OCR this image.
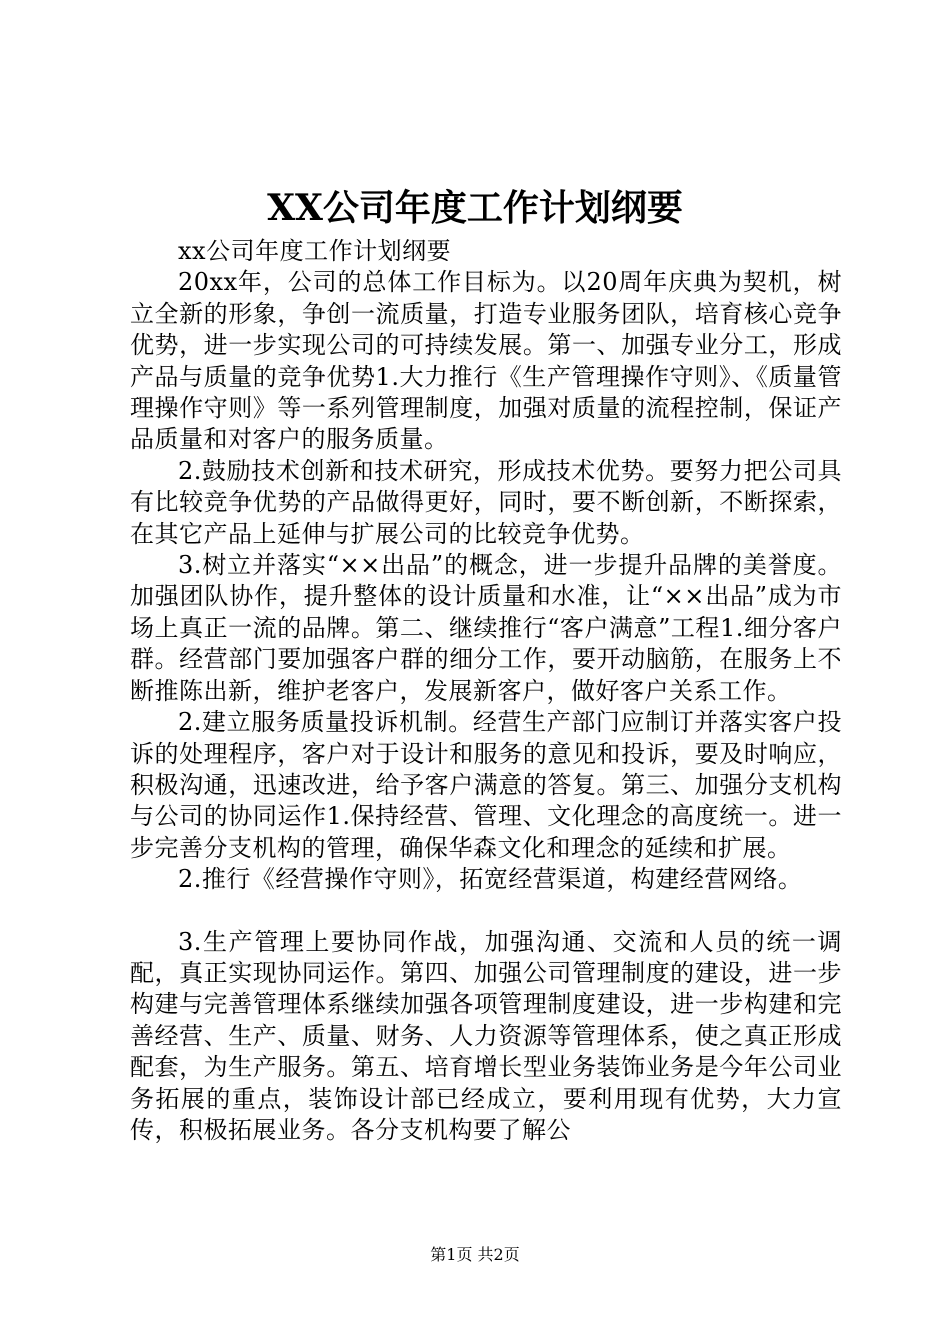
XX公司年度工作计划纲要

xx公司年度工作计划纲要

20xx年，公司的总体工作目标为。以20周年庆典为契机，树立全新的形象，争创一流质量，打造专业服务团队，培育核心竞争优势，进一步实现公司的可持续发展。第一、加强专业分工，形成产品与质量的竞争优势1.大力推行《生产管理操作守则》、《质量管理操作守则》等一系列管理制度，加强对质量的流程控制，保证产品质量和对客户的服务质量。

2.鼓励技术创新和技术研究，形成技术优势。要努力把公司具有比较竞争优势的产品做得更好，同时，要不断创新，不断探索，在其它产品上延伸与扩展公司的比较竞争优势。

3.树立并落实“××出品”的概念，进一步提升品牌的美誉度。加强团队协作，提升整体的设计质量和水准，让“××出品”成为市场上真正一流的品牌。第二、继续推行“客户满意”工程1.细分客户群。经营部门要加强客户群的细分工作，要开动脑筋，在服务上不断推陈出新，维护老客户，发展新客户，做好客户关系工作。

2.建立服务质量投诉机制。经营生产部门应制订并落实客户投诉的处理程序，客户对于设计和服务的意见和投诉，要及时响应，积极沟通，迅速改进，给予客户满意的答复。第三、加强分支机构与公司的协同运作1.保持经营、管理、文化理念的高度统一。进一步完善分支机构的管理，确保华森文化和理念的延续和扩展。

2.推行《经营操作守则》，拓宽经营渠道，构建经营网络。

3.生产管理上要协同作战，加强沟通、交流和人员的统一调配，真正实现协同运作。第四、加强公司管理制度的建设，进一步构建与完善管理体系继续加强各项管理制度建设，进一步构建和完善经营、生产、质量、财务、人力资源等管理体系，使之真正形成配套，为生产服务。第五、培育增长型业务装饰业务是今年公司业务拓展的重点，装饰设计部已经成立，要利用现有优势，大力宣传，积极拓展业务。各分支机构要了解公

第1页 共2页
